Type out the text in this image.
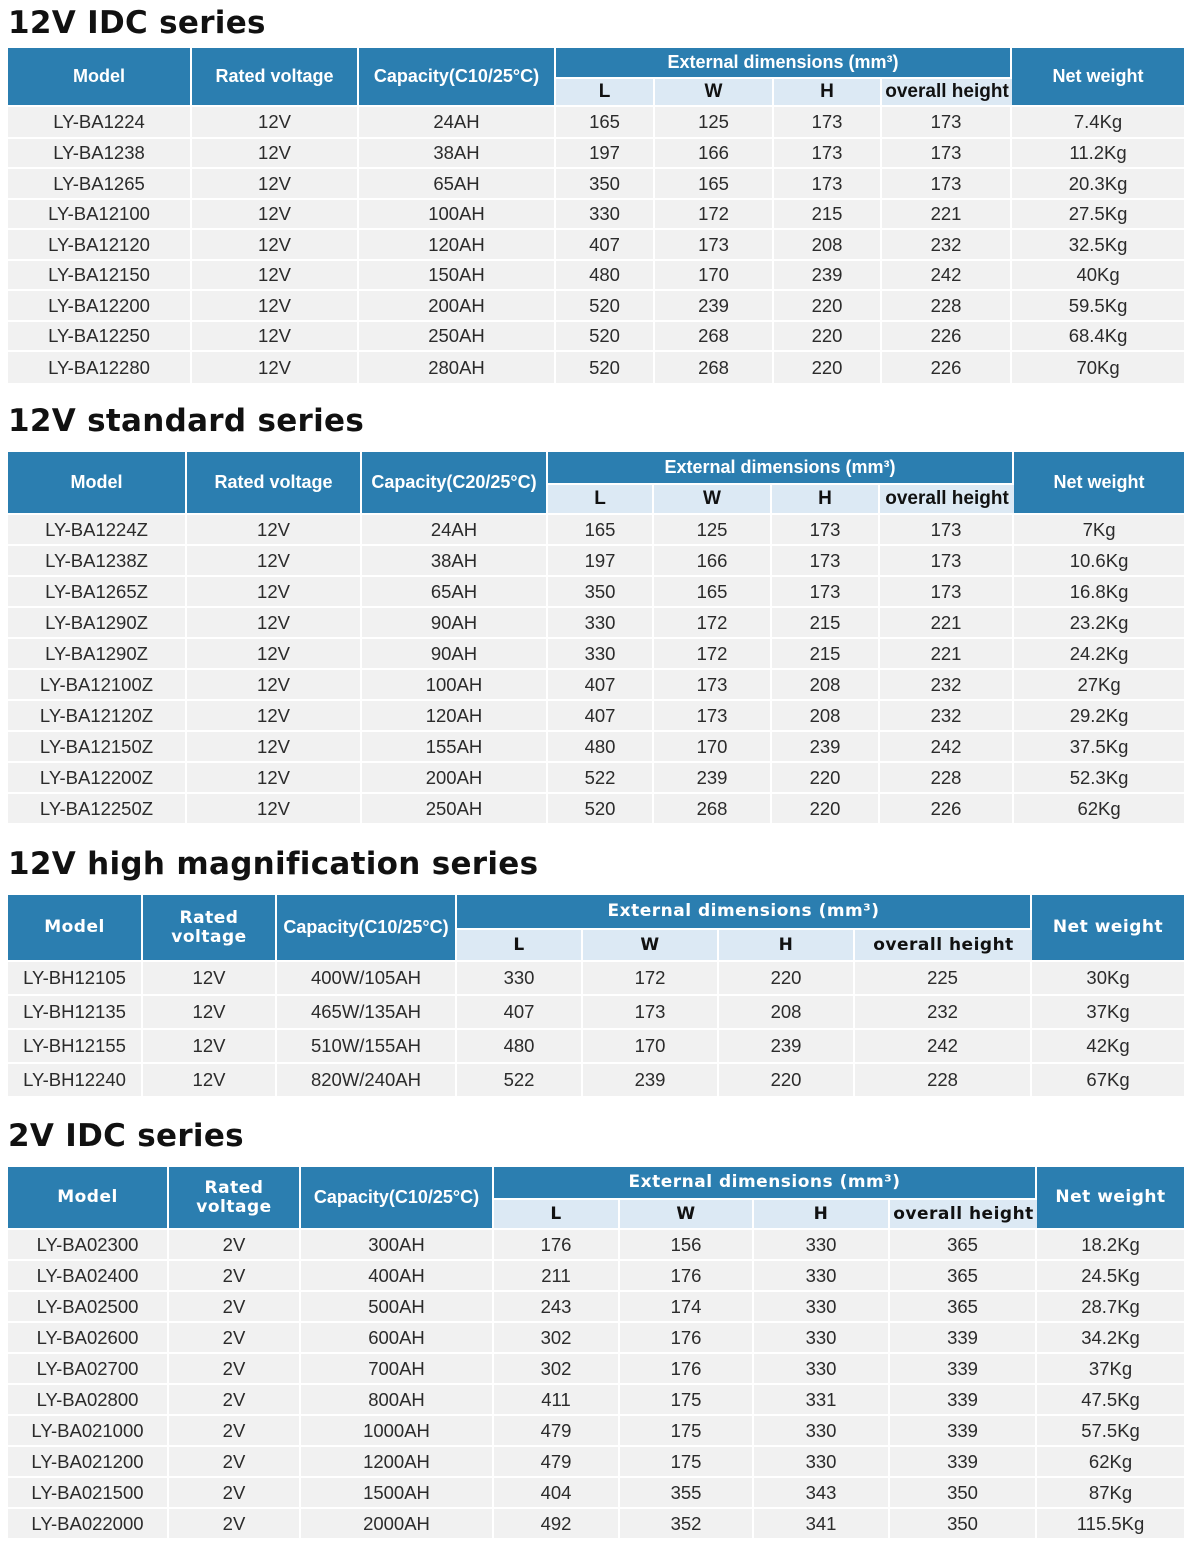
12V IDC series
Model	Rated voltage	Capacity(C10/25°C)	External dimensions (mm³)				Net weight
			L	W	H	overall height	
LY-BA1224	12V	24AH	165	125	173	173	7.4Kg
LY-BA1238	12V	38AH	197	166	173	173	11.2Kg
LY-BA1265	12V	65AH	350	165	173	173	20.3Kg
LY-BA12100	12V	100AH	330	172	215	221	27.5Kg
LY-BA12120	12V	120AH	407	173	208	232	32.5Kg
LY-BA12150	12V	150AH	480	170	239	242	40Kg
LY-BA12200	12V	200AH	520	239	220	228	59.5Kg
LY-BA12250	12V	250AH	520	268	220	226	68.4Kg
LY-BA12280	12V	280AH	520	268	220	226	70Kg
12V standard series
Model	Rated voltage	Capacity(C20/25°C)	External dimensions (mm³)				Net weight
			L	W	H	overall height	
LY-BA1224Z	12V	24AH	165	125	173	173	7Kg
LY-BA1238Z	12V	38AH	197	166	173	173	10.6Kg
LY-BA1265Z	12V	65AH	350	165	173	173	16.8Kg
LY-BA1290Z	12V	90AH	330	172	215	221	23.2Kg
LY-BA1290Z	12V	90AH	330	172	215	221	24.2Kg
LY-BA12100Z	12V	100AH	407	173	208	232	27Kg
LY-BA12120Z	12V	120AH	407	173	208	232	29.2Kg
LY-BA12150Z	12V	155AH	480	170	239	242	37.5Kg
LY-BA12200Z	12V	200AH	522	239	220	228	52.3Kg
LY-BA12250Z	12V	250AH	520	268	220	226	62Kg
12V high magnification series
Model	Rated voltage	Capacity(C10/25°C)	External dimensions (mm³)				Net weight
			L	W	H	overall height	
LY-BH12105	12V	400W/105AH	330	172	220	225	30Kg
LY-BH12135	12V	465W/135AH	407	173	208	232	37Kg
LY-BH12155	12V	510W/155AH	480	170	239	242	42Kg
LY-BH12240	12V	820W/240AH	522	239	220	228	67Kg
2V IDC series
Model	Rated voltage	Capacity(C10/25°C)	External dimensions (mm³)				Net weight
			L	W	H	overall height	
LY-BA02300	2V	300AH	176	156	330	365	18.2Kg
LY-BA02400	2V	400AH	211	176	330	365	24.5Kg
LY-BA02500	2V	500AH	243	174	330	365	28.7Kg
LY-BA02600	2V	600AH	302	176	330	339	34.2Kg
LY-BA02700	2V	700AH	302	176	330	339	37Kg
LY-BA02800	2V	800AH	411	175	331	339	47.5Kg
LY-BA021000	2V	1000AH	479	175	330	339	57.5Kg
LY-BA021200	2V	1200AH	479	175	330	339	62Kg
LY-BA021500	2V	1500AH	404	355	343	350	87Kg
LY-BA022000	2V	2000AH	492	352	341	350	115.5Kg
